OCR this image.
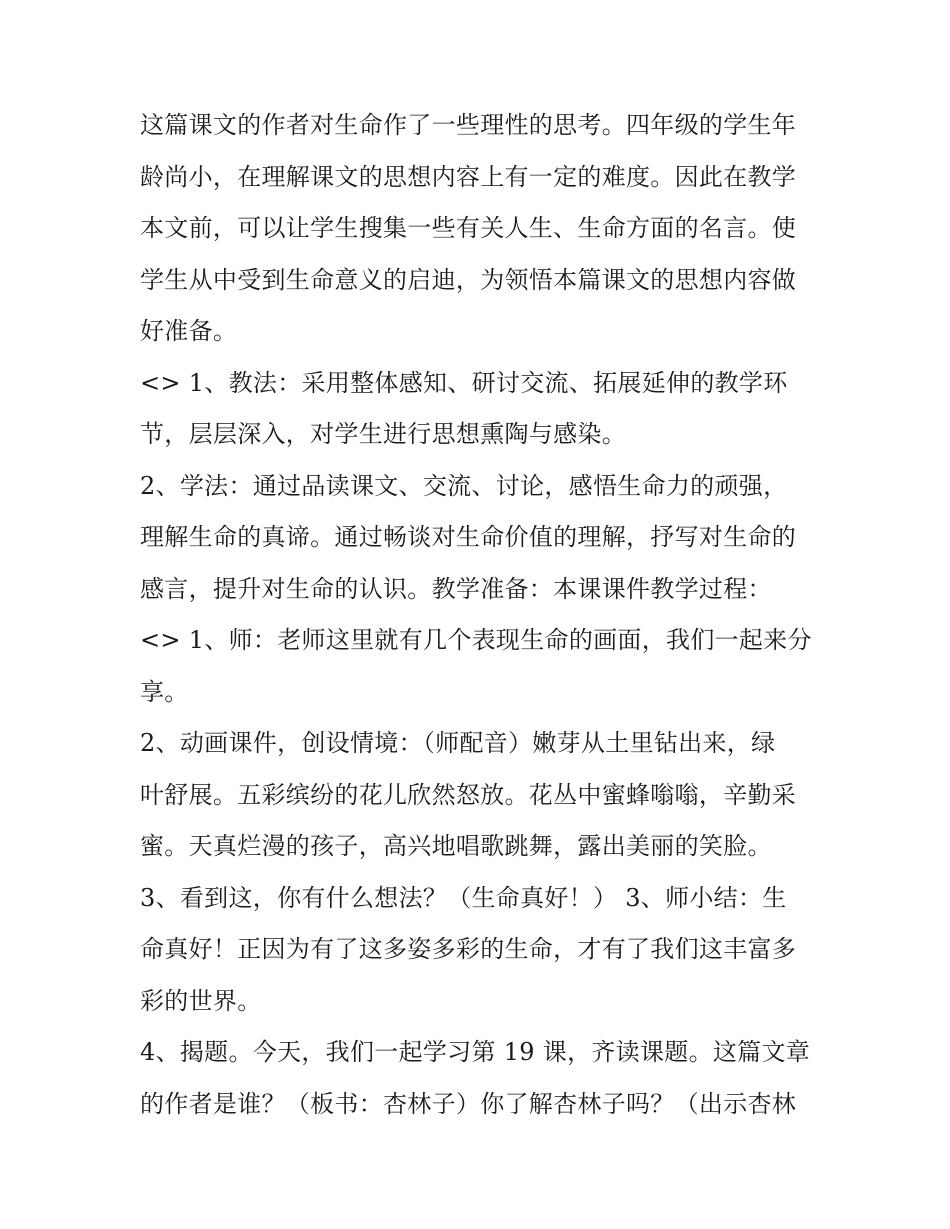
这篇课文的作者对生命作了一些理性的思考。四年级的学生年
龄尚小，在理解课文的思想内容上有一定的难度。因此在教学
本文前，可以让学生搜集一些有关人生、生命方面的名言。使
学生从中受到生命意义的启迪，为领悟本篇课文的思想内容做
好准备。
<> 1、教法：采用整体感知、研讨交流、拓展延伸的教学环
节，层层深入，对学生进行思想熏陶与感染。
2、学法：通过品读课文、交流、讨论，感悟生命力的顽强，
理解生命的真谛。通过畅谈对生命价值的理解，抒写对生命的
感言，提升对生命的认识。教学准备：本课课件教学过程：
<> 1、师：老师这里就有几个表现生命的画面，我们一起来分
享。
2、动画课件，创设情境：（师配音）嫩芽从土里钻出来，绿
叶舒展。五彩缤纷的花儿欣然怒放。花丛中蜜蜂嗡嗡，辛勤采
蜜。天真烂漫的孩子，高兴地唱歌跳舞，露出美丽的笑脸。
3、看到这，你有什么想法？（生命真好！） 3、师小结：生
命真好！正因为有了这多姿多彩的生命，才有了我们这丰富多
彩的世界。
4、揭题。今天，我们一起学习第 19 课，齐读课题。这篇文章
的作者是谁？（板书：杏林子）你了解杏林子吗？（出示杏林
